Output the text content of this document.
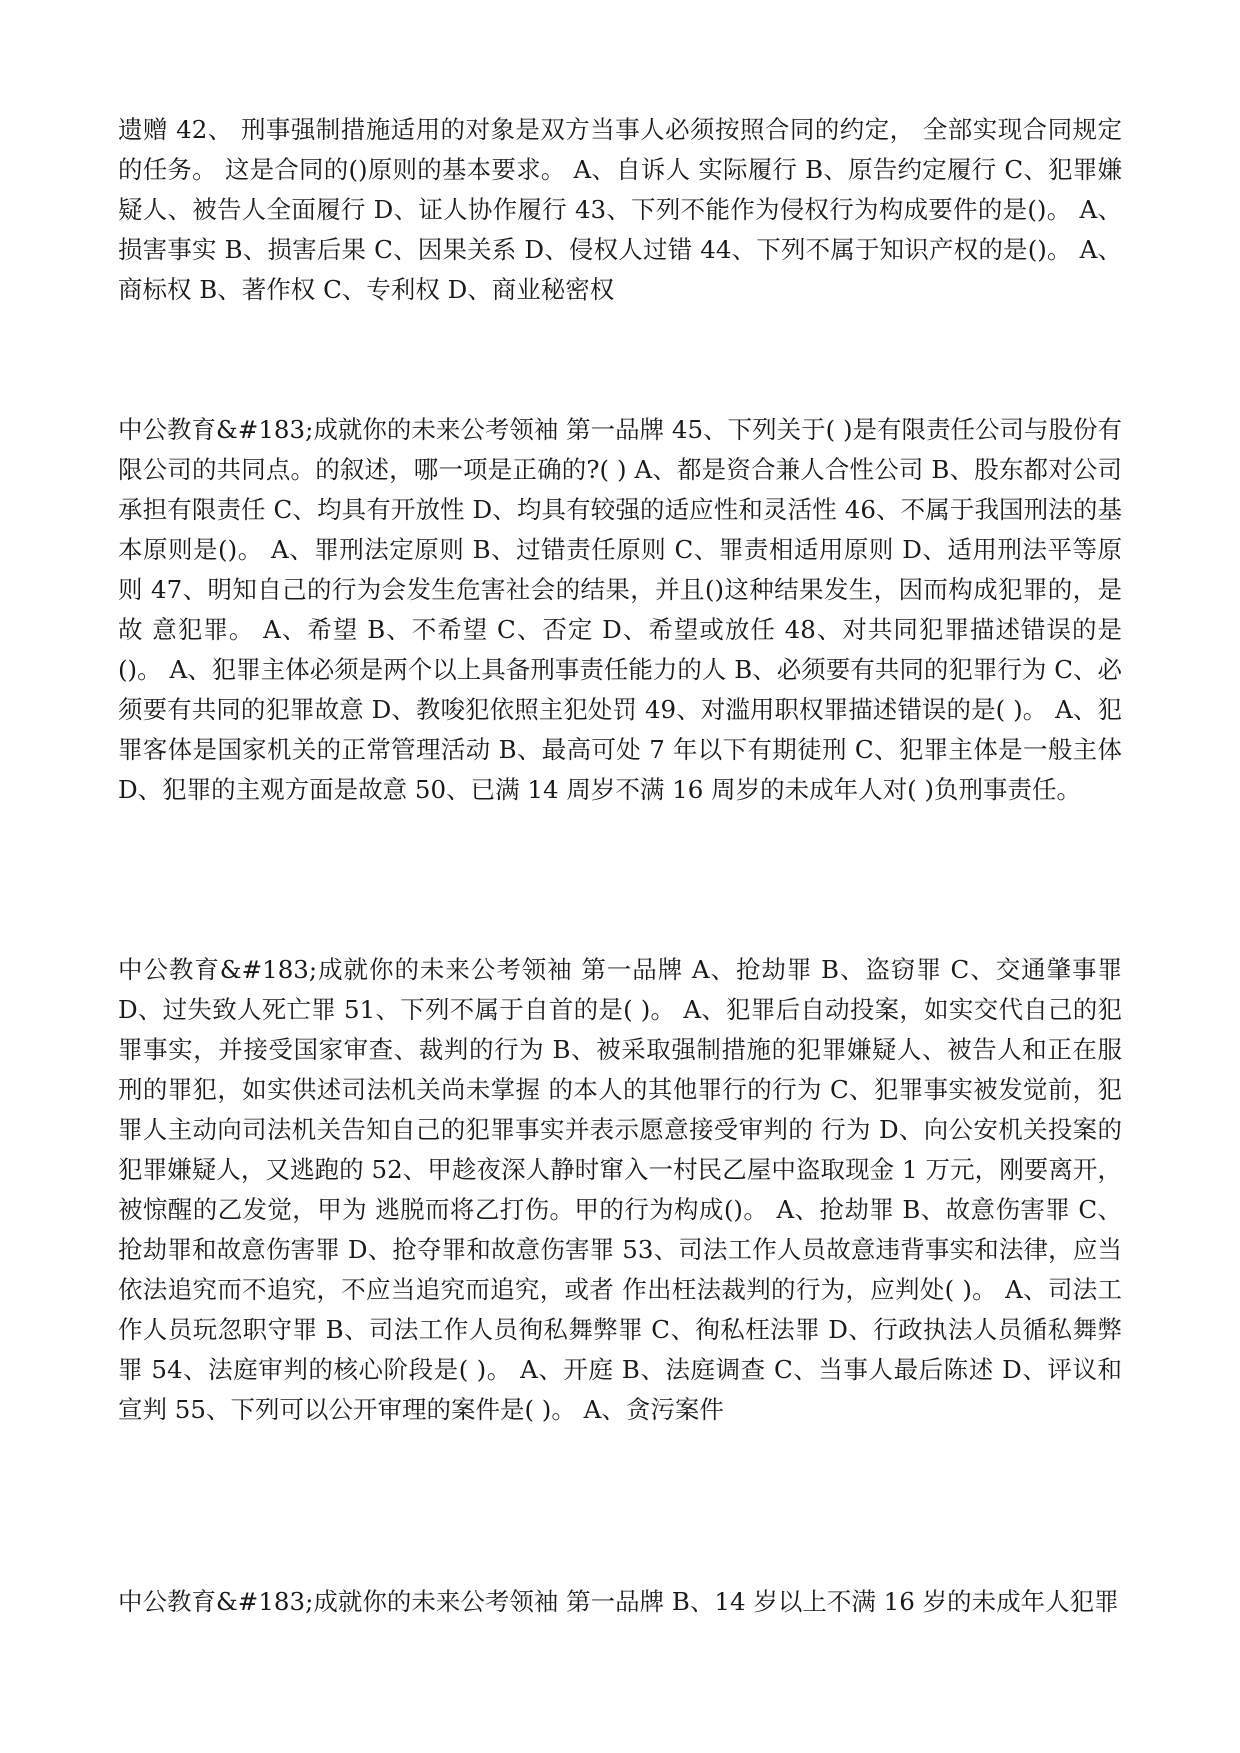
遗赠 42、 刑事强制措施适用的对象是双方当事人必须按照合同的约定， 全部实现合同规定的任务。 这是合同的()原则的基本要求。 A、自诉人 实际履行 B、原告约定履行 C、犯罪嫌疑人、被告人全面履行 D、证人协作履行 43、下列不能作为侵权行为构成要件的是()。 A、损害事实 B、损害后果 C、因果关系 D、侵权人过错 44、下列不属于知识产权的是()。 A、商标权 B、著作权 C、专利权 D、商业秘密权

中公教育&#183;成就你的未来公考领袖 第一品牌 45、下列关于( )是有限责任公司与股份有限公司的共同点。的叙述，哪一项是正确的?( ) A、都是资合兼人合性公司 B、股东都对公司承担有限责任 C、均具有开放性 D、均具有较强的适应性和灵活性 46、不属于我国刑法的基本原则是()。 A、罪刑法定原则 B、过错责任原则 C、罪责相适用原则 D、适用刑法平等原则 47、明知自己的行为会发生危害社会的结果，并且()这种结果发生，因而构成犯罪的，是故 意犯罪。 A、希望 B、不希望 C、否定 D、希望或放任 48、对共同犯罪描述错误的是()。 A、犯罪主体必须是两个以上具备刑事责任能力的人 B、必须要有共同的犯罪行为 C、必须要有共同的犯罪故意 D、教唆犯依照主犯处罚 49、对滥用职权罪描述错误的是( )。 A、犯罪客体是国家机关的正常管理活动 B、最高可处 7 年以下有期徒刑 C、犯罪主体是一般主体 D、犯罪的主观方面是故意 50、已满 14 周岁不满 16 周岁的未成年人对( )负刑事责任。

中公教育&#183;成就你的未来公考领袖 第一品牌 A、抢劫罪 B、盗窃罪 C、交通肇事罪 D、过失致人死亡罪 51、下列不属于自首的是( )。 A、犯罪后自动投案，如实交代自己的犯罪事实，并接受国家审查、裁判的行为 B、被采取强制措施的犯罪嫌疑人、被告人和正在服刑的罪犯，如实供述司法机关尚未掌握 的本人的其他罪行的行为 C、犯罪事实被发觉前，犯罪人主动向司法机关告知自己的犯罪事实并表示愿意接受审判的 行为 D、向公安机关投案的犯罪嫌疑人，又逃跑的 52、甲趁夜深人静时窜入一村民乙屋中盗取现金 1 万元，刚要离开，被惊醒的乙发觉，甲为 逃脱而将乙打伤。甲的行为构成()。 A、抢劫罪 B、故意伤害罪 C、抢劫罪和故意伤害罪 D、抢夺罪和故意伤害罪 53、司法工作人员故意违背事实和法律，应当依法追究而不追究，不应当追究而追究，或者 作出枉法裁判的行为，应判处( )。 A、司法工作人员玩忽职守罪 B、司法工作人员徇私舞弊罪 C、徇私枉法罪 D、行政执法人员循私舞弊罪 54、法庭审判的核心阶段是( )。 A、开庭 B、法庭调查 C、当事人最后陈述 D、评议和宣判 55、下列可以公开审理的案件是( )。 A、贪污案件

中公教育&#183;成就你的未来公考领袖 第一品牌 B、14 岁以上不满 16 岁的未成年人犯罪
